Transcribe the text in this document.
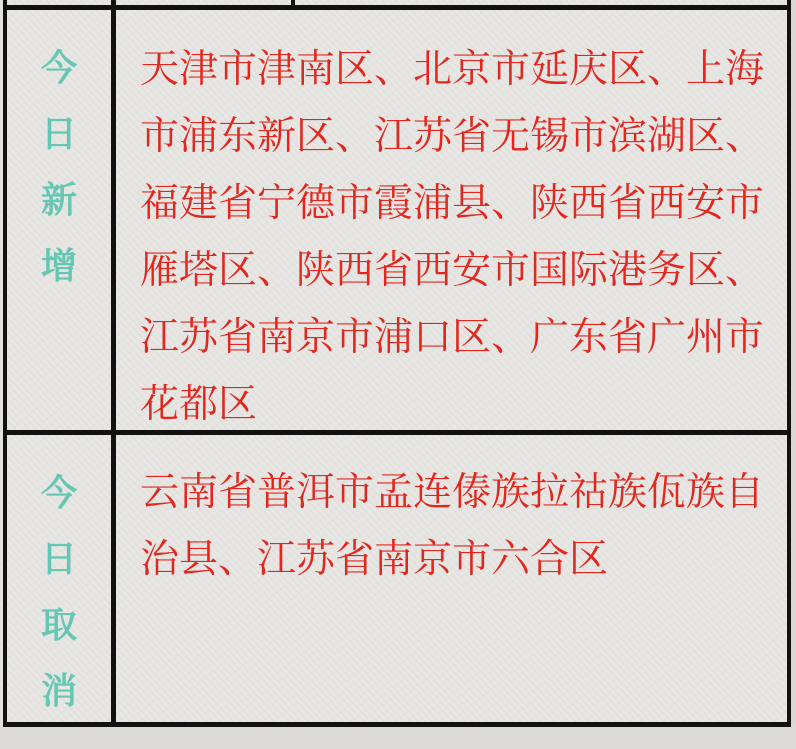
今
日
新
增
天津市津南区、北京市延庆区、上海
市浦东新区、江苏省无锡市滨湖区、
福建省宁德市霞浦县、陕西省西安市
雁塔区、陕西省西安市国际港务区、
江苏省南京市浦口区、广东省广州市
花都区
今
日
取
消
云南省普洱市孟连傣族拉祜族佤族自
治县、江苏省南京市六合区
